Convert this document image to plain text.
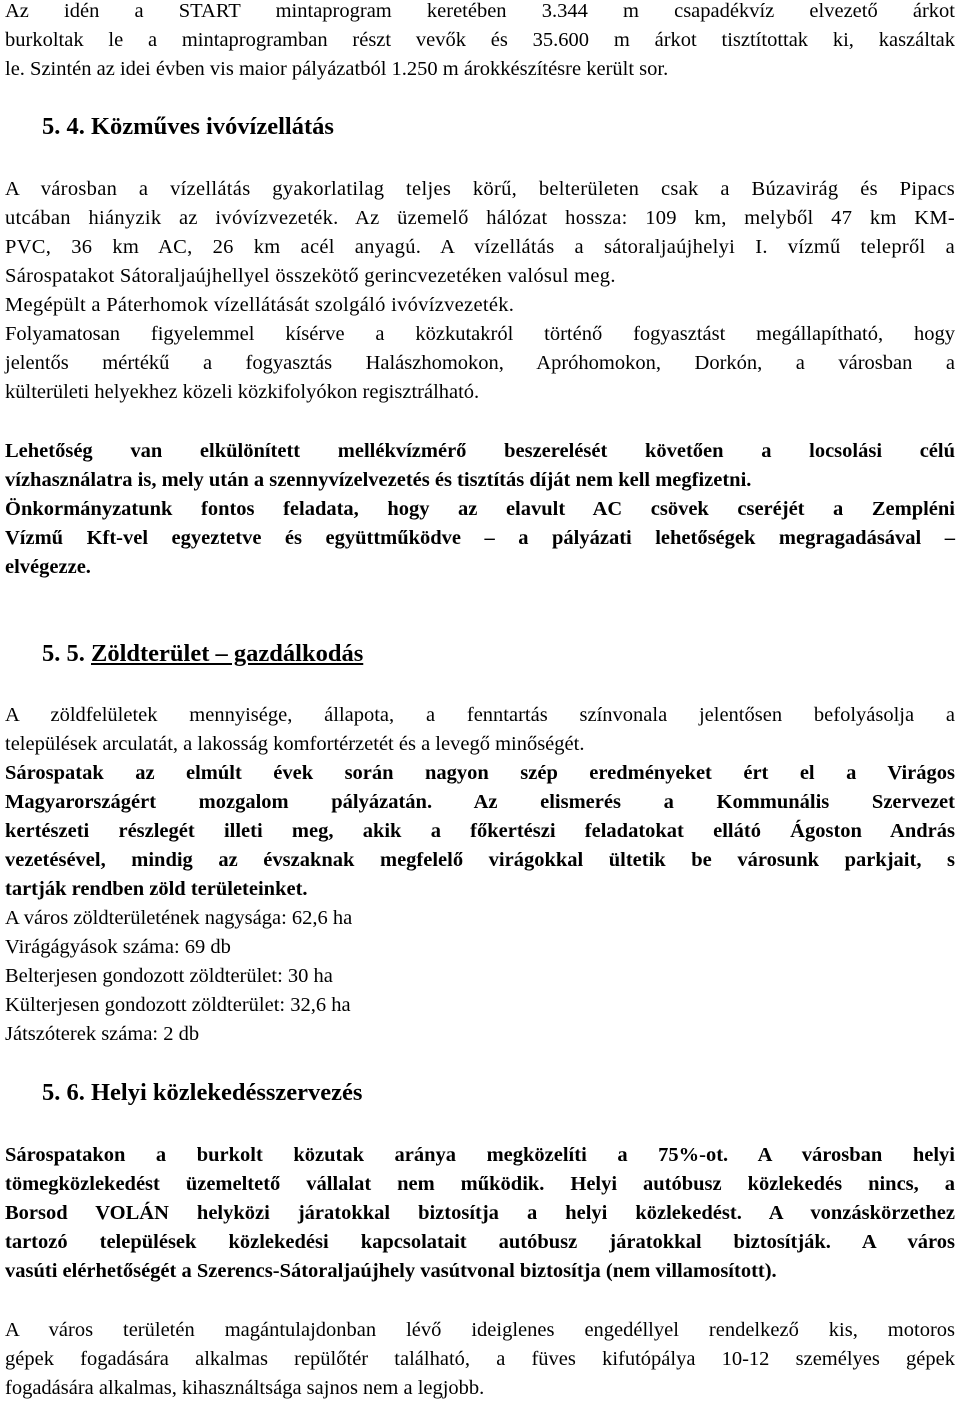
Az idén a START mintaprogram keretében 3.344 m csapadékvíz elvezető árkot
burkoltak le a mintaprogramban részt vevők és 35.600 m árkot tisztítottak ki, kaszáltak
le. Szintén az idei évben vis maior pályázatból 1.250 m árokkészítésre került sor.
5. 4. Közműves ivóvízellátás
A városban a vízellátás gyakorlatilag teljes körű, belterületen csak a Búzavirág és Pipacs
utcában hiányzik az ivóvízvezeték. Az üzemelő hálózat hossza: 109 km, melyből 47 km KM-
PVC, 36 km AC, 26 km acél anyagú. A vízellátás a sátoraljaújhelyi I. vízmű telepről a
Sárospatakot Sátoraljaújhellyel összekötő gerincvezetéken valósul meg.
Megépült a Páterhomok vízellátását szolgáló ivóvízvezeték.
Folyamatosan figyelemmel kísérve a közkutakról történő fogyasztást megállapítható, hogy
jelentős mértékű a fogyasztás Halászhomokon, Apróhomokon, Dorkón, a városban a
külterületi helyekhez közeli közkifolyókon regisztrálható.
Lehetőség van elkülönített mellékvízmérő beszerelését követően a locsolási célú
vízhasználatra is, mely után a szennyvízelvezetés és tisztítás díját nem kell megfizetni.
Önkormányzatunk fontos feladata, hogy az elavult AC csövek cseréjét a Zempléni
Vízmű Kft-vel egyeztetve és együttműködve – a pályázati lehetőségek megragadásával –
elvégezze.
5. 5. Zöldterület – gazdálkodás
A zöldfelületek mennyisége, állapota, a fenntartás színvonala jelentősen befolyásolja a
települések arculatát, a lakosság komfortérzetét és a levegő minőségét.
Sárospatak az elmúlt évek során nagyon szép eredményeket ért el a Virágos
Magyarországért mozgalom pályázatán. Az elismerés a Kommunális Szervezet
kertészeti részlegét illeti meg, akik a főkertészi feladatokat ellátó Ágoston András
vezetésével, mindig az évszaknak megfelelő virágokkal ültetik be városunk parkjait, s
tartják rendben zöld területeinket.
A város zöldterületének nagysága: 62,6 ha
Virágágyások száma: 69 db
Belterjesen gondozott zöldterület: 30 ha
Külterjesen gondozott zöldterület: 32,6 ha
Játszóterek száma: 2 db
5. 6. Helyi közlekedésszervezés
Sárospatakon a burkolt közutak aránya megközelíti a 75%-ot. A városban helyi
tömegközlekedést üzemeltető vállalat nem működik. Helyi autóbusz közlekedés nincs, a
Borsod VOLÁN helyközi járatokkal biztosítja a helyi közlekedést. A vonzáskörzethez
tartozó települések közlekedési kapcsolatait autóbusz járatokkal biztosítják. A város
vasúti elérhetőségét a Szerencs-Sátoraljaújhely vasútvonal biztosítja (nem villamosított).
A város területén magántulajdonban lévő ideiglenes engedéllyel rendelkező kis, motoros
gépek fogadására alkalmas repülőtér található, a füves kifutópálya 10-12 személyes gépek
fogadására alkalmas, kihasználtsága sajnos nem a legjobb.
